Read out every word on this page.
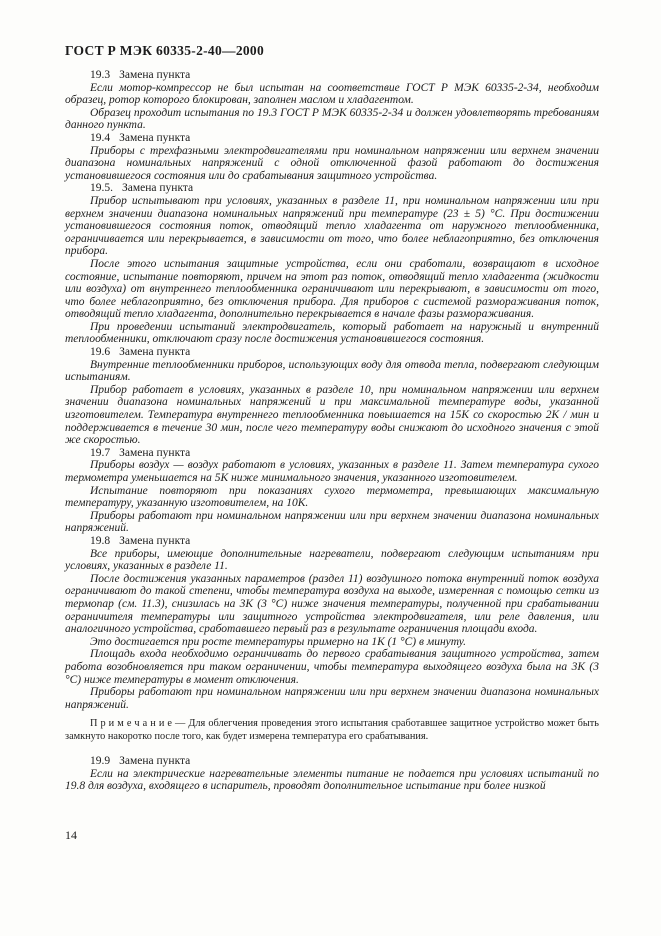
ГОСТ Р МЭК 60335-2-40—2000

19.3 Замена пункта

Если мотор-компрессор не был испытан на соответствие ГОСТ Р МЭК 60335-2-34, необходим образец, ротор которого блокирован, заполнен маслом и хладагентом.

Образец проходит испытания по 19.3 ГОСТ Р МЭК 60335-2-34 и должен удовлетворять требованиям данного пункта.

19.4 Замена пункта

Приборы с трехфазными электродвигателями при номинальном напряжении или верхнем значении диапазона номинальных напряжений с одной отключенной фазой работают до достижения установившегося состояния или до срабатывания защитного устройства.

19.5. Замена пункта

Прибор испытывают при условиях, указанных в разделе 11, при номинальном напряжении или при верхнем значении диапазона номинальных напряжений при температуре (23 ± 5) °С. При достижении установившегося состояния поток, отводящий тепло хладагента от наружного теплообменника, ограничивается или перекрывается, в зависимости от того, что более неблагоприятно, без отключения прибора.

После этого испытания защитные устройства, если они сработали, возвращают в исходное состояние, испытание повторяют, причем на этот раз поток, отводящий тепло хладагента (жидкости или воздуха) от внутреннего теплообменника ограничивают или перекрывают, в зависимости от того, что более неблагоприятно, без отключения прибора. Для приборов с системой размораживания поток, отводящий тепло хладагента, дополнительно перекрывается в начале фазы размораживания.

При проведении испытаний электродвигатель, который работает на наружный и внутренний теплообменники, отключают сразу после достижения установившегося состояния.

19.6 Замена пункта

Внутренние теплообменники приборов, использующих воду для отвода тепла, подвергают следующим испытаниям.

Прибор работает в условиях, указанных в разделе 10, при номинальном напряжении или верхнем значении диапазона номинальных напряжений и при максимальной температуре воды, указанной изготовителем. Температура внутреннего теплообменника повышается на 15К со скоростью 2К / мин и поддерживается в течение 30 мин, после чего температуру воды снижают до исходного значения с этой же скоростью.

19.7 Замена пункта

Приборы воздух — воздух работают в условиях, указанных в разделе 11. Затем температура сухого термометра уменьшается на 5К ниже минимального значения, указанного изготовителем.

Испытание повторяют при показаниях сухого термометра, превышающих максимальную температуру, указанную изготовителем, на 10К.

Приборы работают при номинальном напряжении или при верхнем значении диапазона номинальных напряжений.

19.8 Замена пункта

Все приборы, имеющие дополнительные нагреватели, подвергают следующим испытаниям при условиях, указанных в разделе 11.

После достижения указанных параметров (раздел 11) воздушного потока внутренний поток воздуха ограничивают до такой степени, чтобы температура воздуха на выходе, измеренная с помощью сетки из термопар (см. 11.3), снизилась на 3К (3 °С) ниже значения температуры, полученной при срабатывании ограничителя температуры или защитного устройства электродвигателя, или реле давления, или аналогичного устройства, сработавшего первый раз в результате ограничения площади входа.

Это достигается при росте температуры примерно на 1К (1 °С) в минуту.

Площадь входа необходимо ограничивать до первого срабатывания защитного устройства, затем работа возобновляется при таком ограничении, чтобы температура выходящего воздуха была на 3К (3 °С) ниже температуры в момент отключения.

Приборы работают при номинальном напряжении или при верхнем значении диапазона номинальных напряжений.

П р и м е ч а н и е — Для облегчения проведения этого испытания сработавшее защитное устройство может быть замкнуто накоротко после того, как будет измерена температура его срабатывания.

19.9 Замена пункта

Если на электрические нагревательные элементы питание не подается при условиях испытаний по 19.8 для воздуха, входящего в испаритель, проводят дополнительное испытание при более низкой

14
